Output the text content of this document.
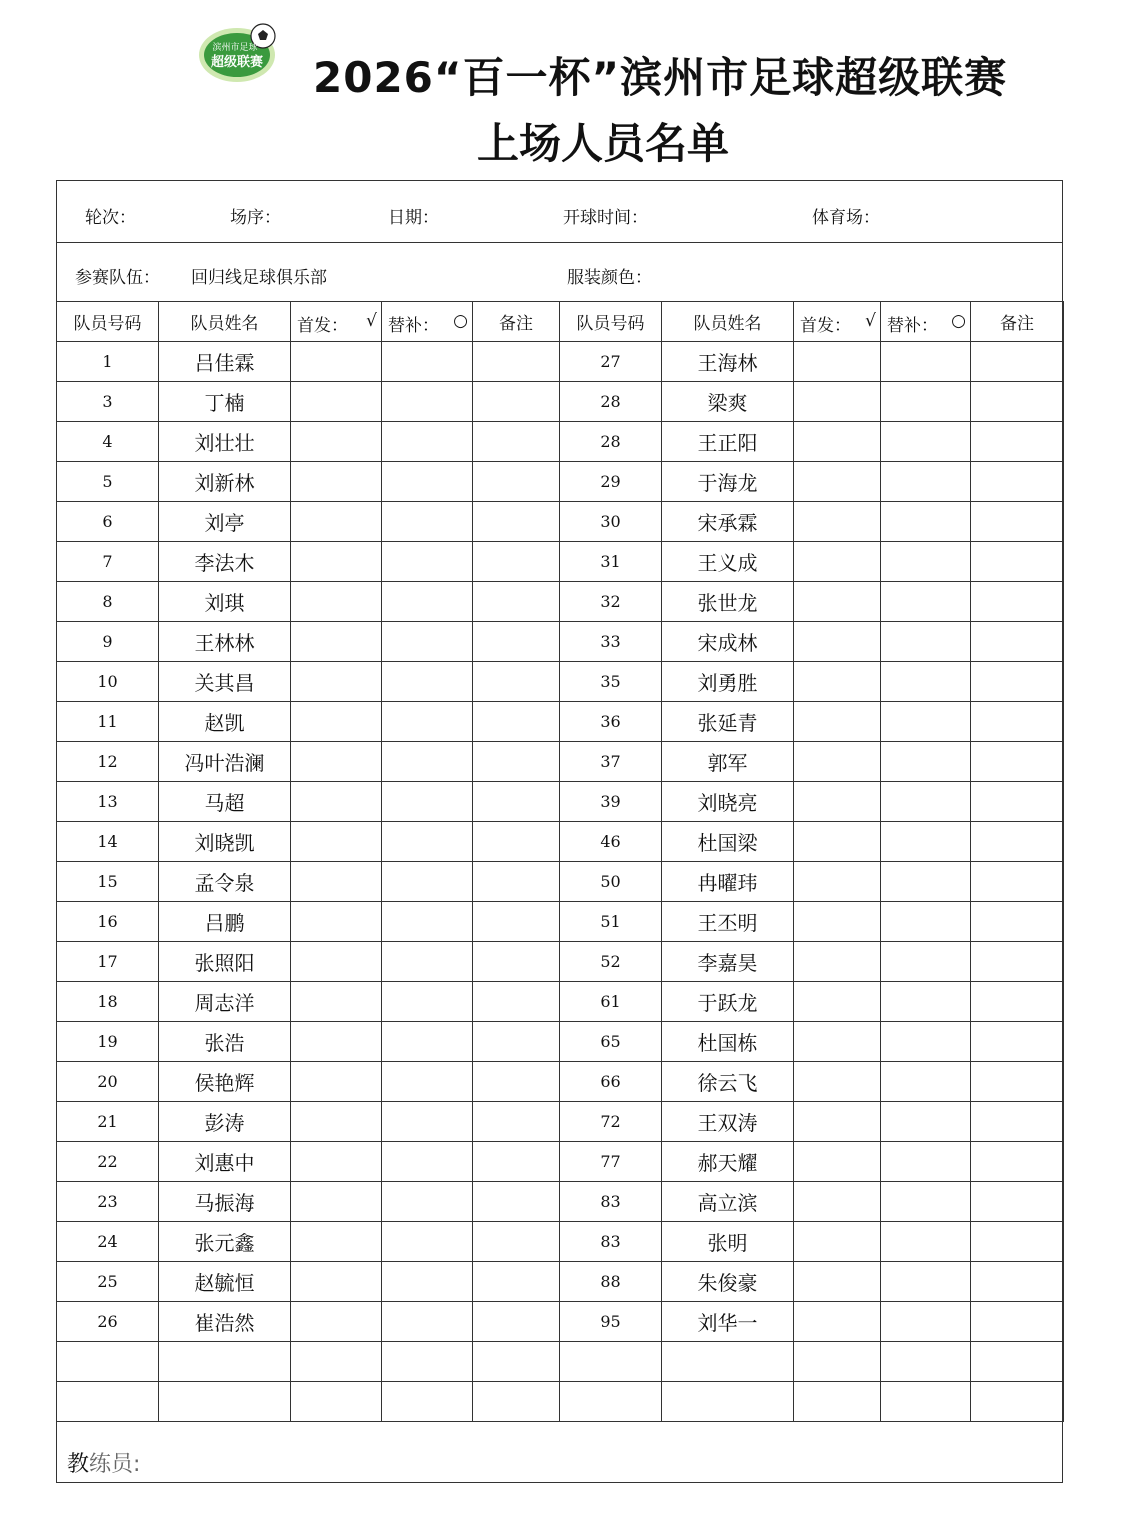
滨州市足球
超级联赛 2026“百一杯”滨州市足球超级联赛
上场人员名单
轮次：	场序：	日期：	开球时间：	体育场：
参赛队伍： 回归线足球俱乐部	服装颜色：
队员号码	队员姓名	首发： √	替补： ○	备注	队员号码	队员姓名	首发： √	替补： ○	备注
1	吕佳霖				27	王海林			
3	丁楠				28	梁爽			
4	刘壮壮				28	王正阳			
5	刘新林				29	于海龙			
6	刘亭				30	宋承霖			
7	李法木				31	王义成			
8	刘琪				32	张世龙			
9	王林林				33	宋成林			
10	关其昌				35	刘勇胜			
11	赵凯				36	张延青			
12	冯叶浩澜				37	郭军			
13	马超				39	刘晓亮			
14	刘晓凯				46	杜国梁			
15	孟令泉				50	冉曜玮			
16	吕鹏				51	王丕明			
17	张照阳				52	李嘉昊			
18	周志洋				61	于跃龙			
19	张浩				65	杜国栋			
20	侯艳辉				66	徐云飞			
21	彭涛				72	王双涛			
22	刘惠中				77	郝天耀			
23	马振海				83	高立滨			
24	张元鑫				83	张明			
25	赵毓恒				88	朱俊豪			
26	崔浩然				95	刘华一			

教练员:
